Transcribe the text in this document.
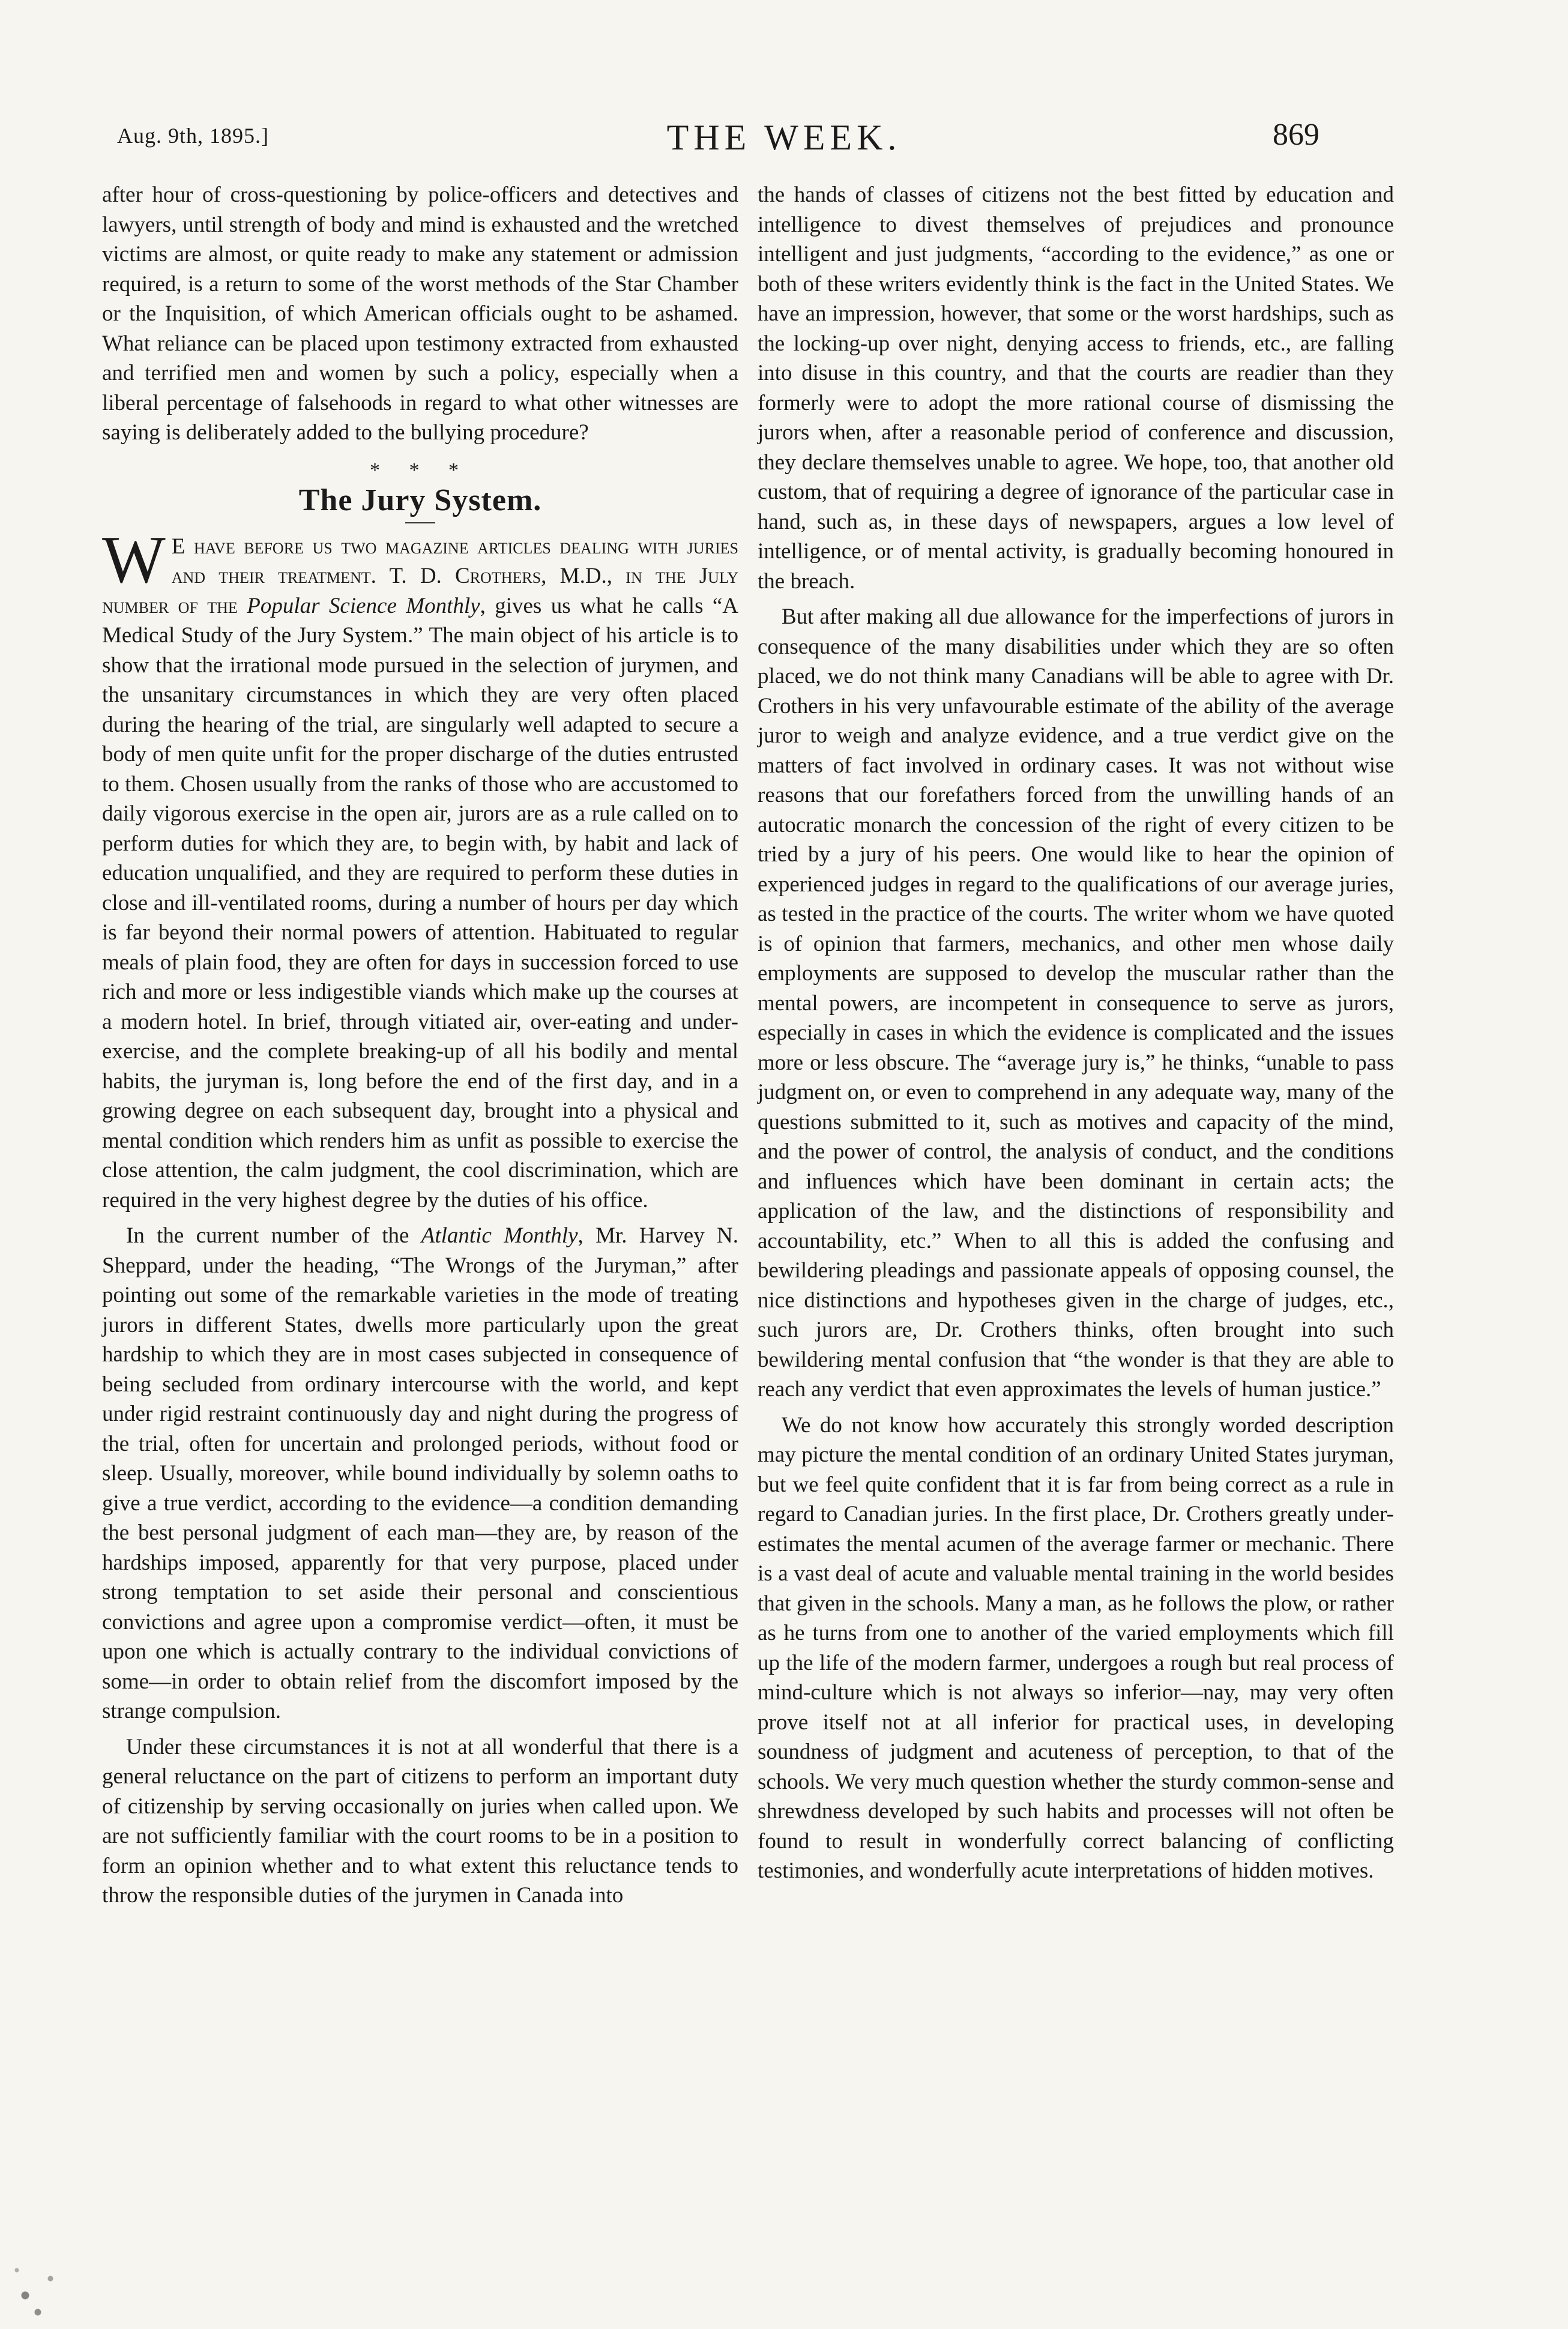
THE WEEK.
Aug. 9th, 1895.]	869

after hour of cross-questioning by police-officers and detectives and lawyers, until strength of body and mind is exhausted and the wretched victims are almost, or quite ready to make any statement or admission required, is a return to some of the worst methods of the Star Chamber or the Inquisition, of which American officials ought to be ashamed. What reliance can be placed upon testimony extracted from exhausted and terrified men and women by such a policy, especially when a liberal percentage of falsehoods in regard to what other witnesses are saying is deliberately added to the bullying procedure?

* * *
The Jury System.

W E have before us two magazine articles dealing with juries and their treatment. T. D. Crothers, M.D., in the July number of the Popular Science Monthly, gives us what he calls “A Medical Study of the Jury System.” The main object of his article is to show that the irrational mode pursued in the selection of jurymen, and the unsanitary circumstances in which they are very often placed during the hearing of the trial, are singularly well adapted to secure a body of men quite unfit for the proper discharge of the duties entrusted to them. Chosen usually from the ranks of those who are accustomed to daily vigorous exercise in the open air, jurors are as a rule called on to perform duties for which they are, to begin with, by habit and lack of education unqualified, and they are required to perform these duties in close and ill-ventilated rooms, during a number of hours per day which is far beyond their normal powers of attention. Habituated to regular meals of plain food, they are often for days in succession forced to use rich and more or less indigestible viands which make up the courses at a modern hotel. In brief, through vitiated air, over-eating and under-exercise, and the complete breaking-up of all his bodily and mental habits, the juryman is, long before the end of the first day, and in a growing degree on each subsequent day, brought into a physical and mental condition which renders him as unfit as possible to exercise the close attention, the calm judgment, the cool discrimination, which are required in the very highest degree by the duties of his office.

In the current number of the Atlantic Monthly, Mr. Harvey N. Sheppard, under the heading, “The Wrongs of the Juryman,” after pointing out some of the remarkable varieties in the mode of treating jurors in different States, dwells more particularly upon the great hardship to which they are in most cases subjected in consequence of being secluded from ordinary intercourse with the world, and kept under rigid restraint continuously day and night during the progress of the trial, often for uncertain and prolonged periods, without food or sleep. Usually, moreover, while bound individually by solemn oaths to give a true verdict, according to the evidence—a condition demanding the best personal judgment of each man—they are, by reason of the hardships imposed, apparently for that very purpose, placed under strong temptation to set aside their personal and conscientious convictions and agree upon a compromise verdict—often, it must be upon one which is actually contrary to the individual convictions of some—in order to obtain relief from the discomfort imposed by the strange compulsion.

Under these circumstances it is not at all wonderful that there is a general reluctance on the part of citizens to perform an important duty of citizenship by serving occasionally on juries when called upon. We are not sufficiently familiar with the court rooms to be in a position to form an opinion whether and to what extent this reluctance tends to throw the responsible duties of the jurymen in Canada into

the hands of classes of citizens not the best fitted by education and intelligence to divest themselves of prejudices and pronounce intelligent and just judgments, “according to the evidence,” as one or both of these writers evidently think is the fact in the United States. We have an impression, however, that some or the worst hardships, such as the locking-up over night, denying access to friends, etc., are falling into disuse in this country, and that the courts are readier than they formerly were to adopt the more rational course of dismissing the jurors when, after a reasonable period of conference and discussion, they declare themselves unable to agree. We hope, too, that another old custom, that of requiring a degree of ignorance of the particular case in hand, such as, in these days of newspapers, argues a low level of intelligence, or of mental activity, is gradually becoming honoured in the breach.

But after making all due allowance for the imperfections of jurors in consequence of the many disabilities under which they are so often placed, we do not think many Canadians will be able to agree with Dr. Crothers in his very unfavourable estimate of the ability of the average juror to weigh and analyze evidence, and a true verdict give on the matters of fact involved in ordinary cases. It was not without wise reasons that our forefathers forced from the unwilling hands of an autocratic monarch the concession of the right of every citizen to be tried by a jury of his peers. One would like to hear the opinion of experienced judges in regard to the qualifications of our average juries, as tested in the practice of the courts. The writer whom we have quoted is of opinion that farmers, mechanics, and other men whose daily employments are supposed to develop the muscular rather than the mental powers, are incompetent in consequence to serve as jurors, especially in cases in which the evidence is complicated and the issues more or less obscure. The “average jury is,” he thinks, “unable to pass judgment on, or even to comprehend in any adequate way, many of the questions submitted to it, such as motives and capacity of the mind, and the power of control, the analysis of conduct, and the conditions and influences which have been dominant in certain acts; the application of the law, and the distinctions of responsibility and accountability, etc.” When to all this is added the confusing and bewildering pleadings and passionate appeals of opposing counsel, the nice distinctions and hypotheses given in the charge of judges, etc., such jurors are, Dr. Crothers thinks, often brought into such bewildering mental confusion that “the wonder is that they are able to reach any verdict that even approximates the levels of human justice.”

We do not know how accurately this strongly worded description may picture the mental condition of an ordinary United States juryman, but we feel quite confident that it is far from being correct as a rule in regard to Canadian juries. In the first place, Dr. Crothers greatly under-estimates the mental acumen of the average farmer or mechanic. There is a vast deal of acute and valuable mental training in the world besides that given in the schools. Many a man, as he follows the plow, or rather as he turns from one to another of the varied employments which fill up the life of the modern farmer, undergoes a rough but real process of mind-culture which is not always so inferior—nay, may very often prove itself not at all inferior for practical uses, in developing soundness of judgment and acuteness of perception, to that of the schools. We very much question whether the sturdy common-sense and shrewdness developed by such habits and processes will not often be found to result in wonderfully correct balancing of conflicting testimonies, and wonderfully acute interpretations of hidden motives.
